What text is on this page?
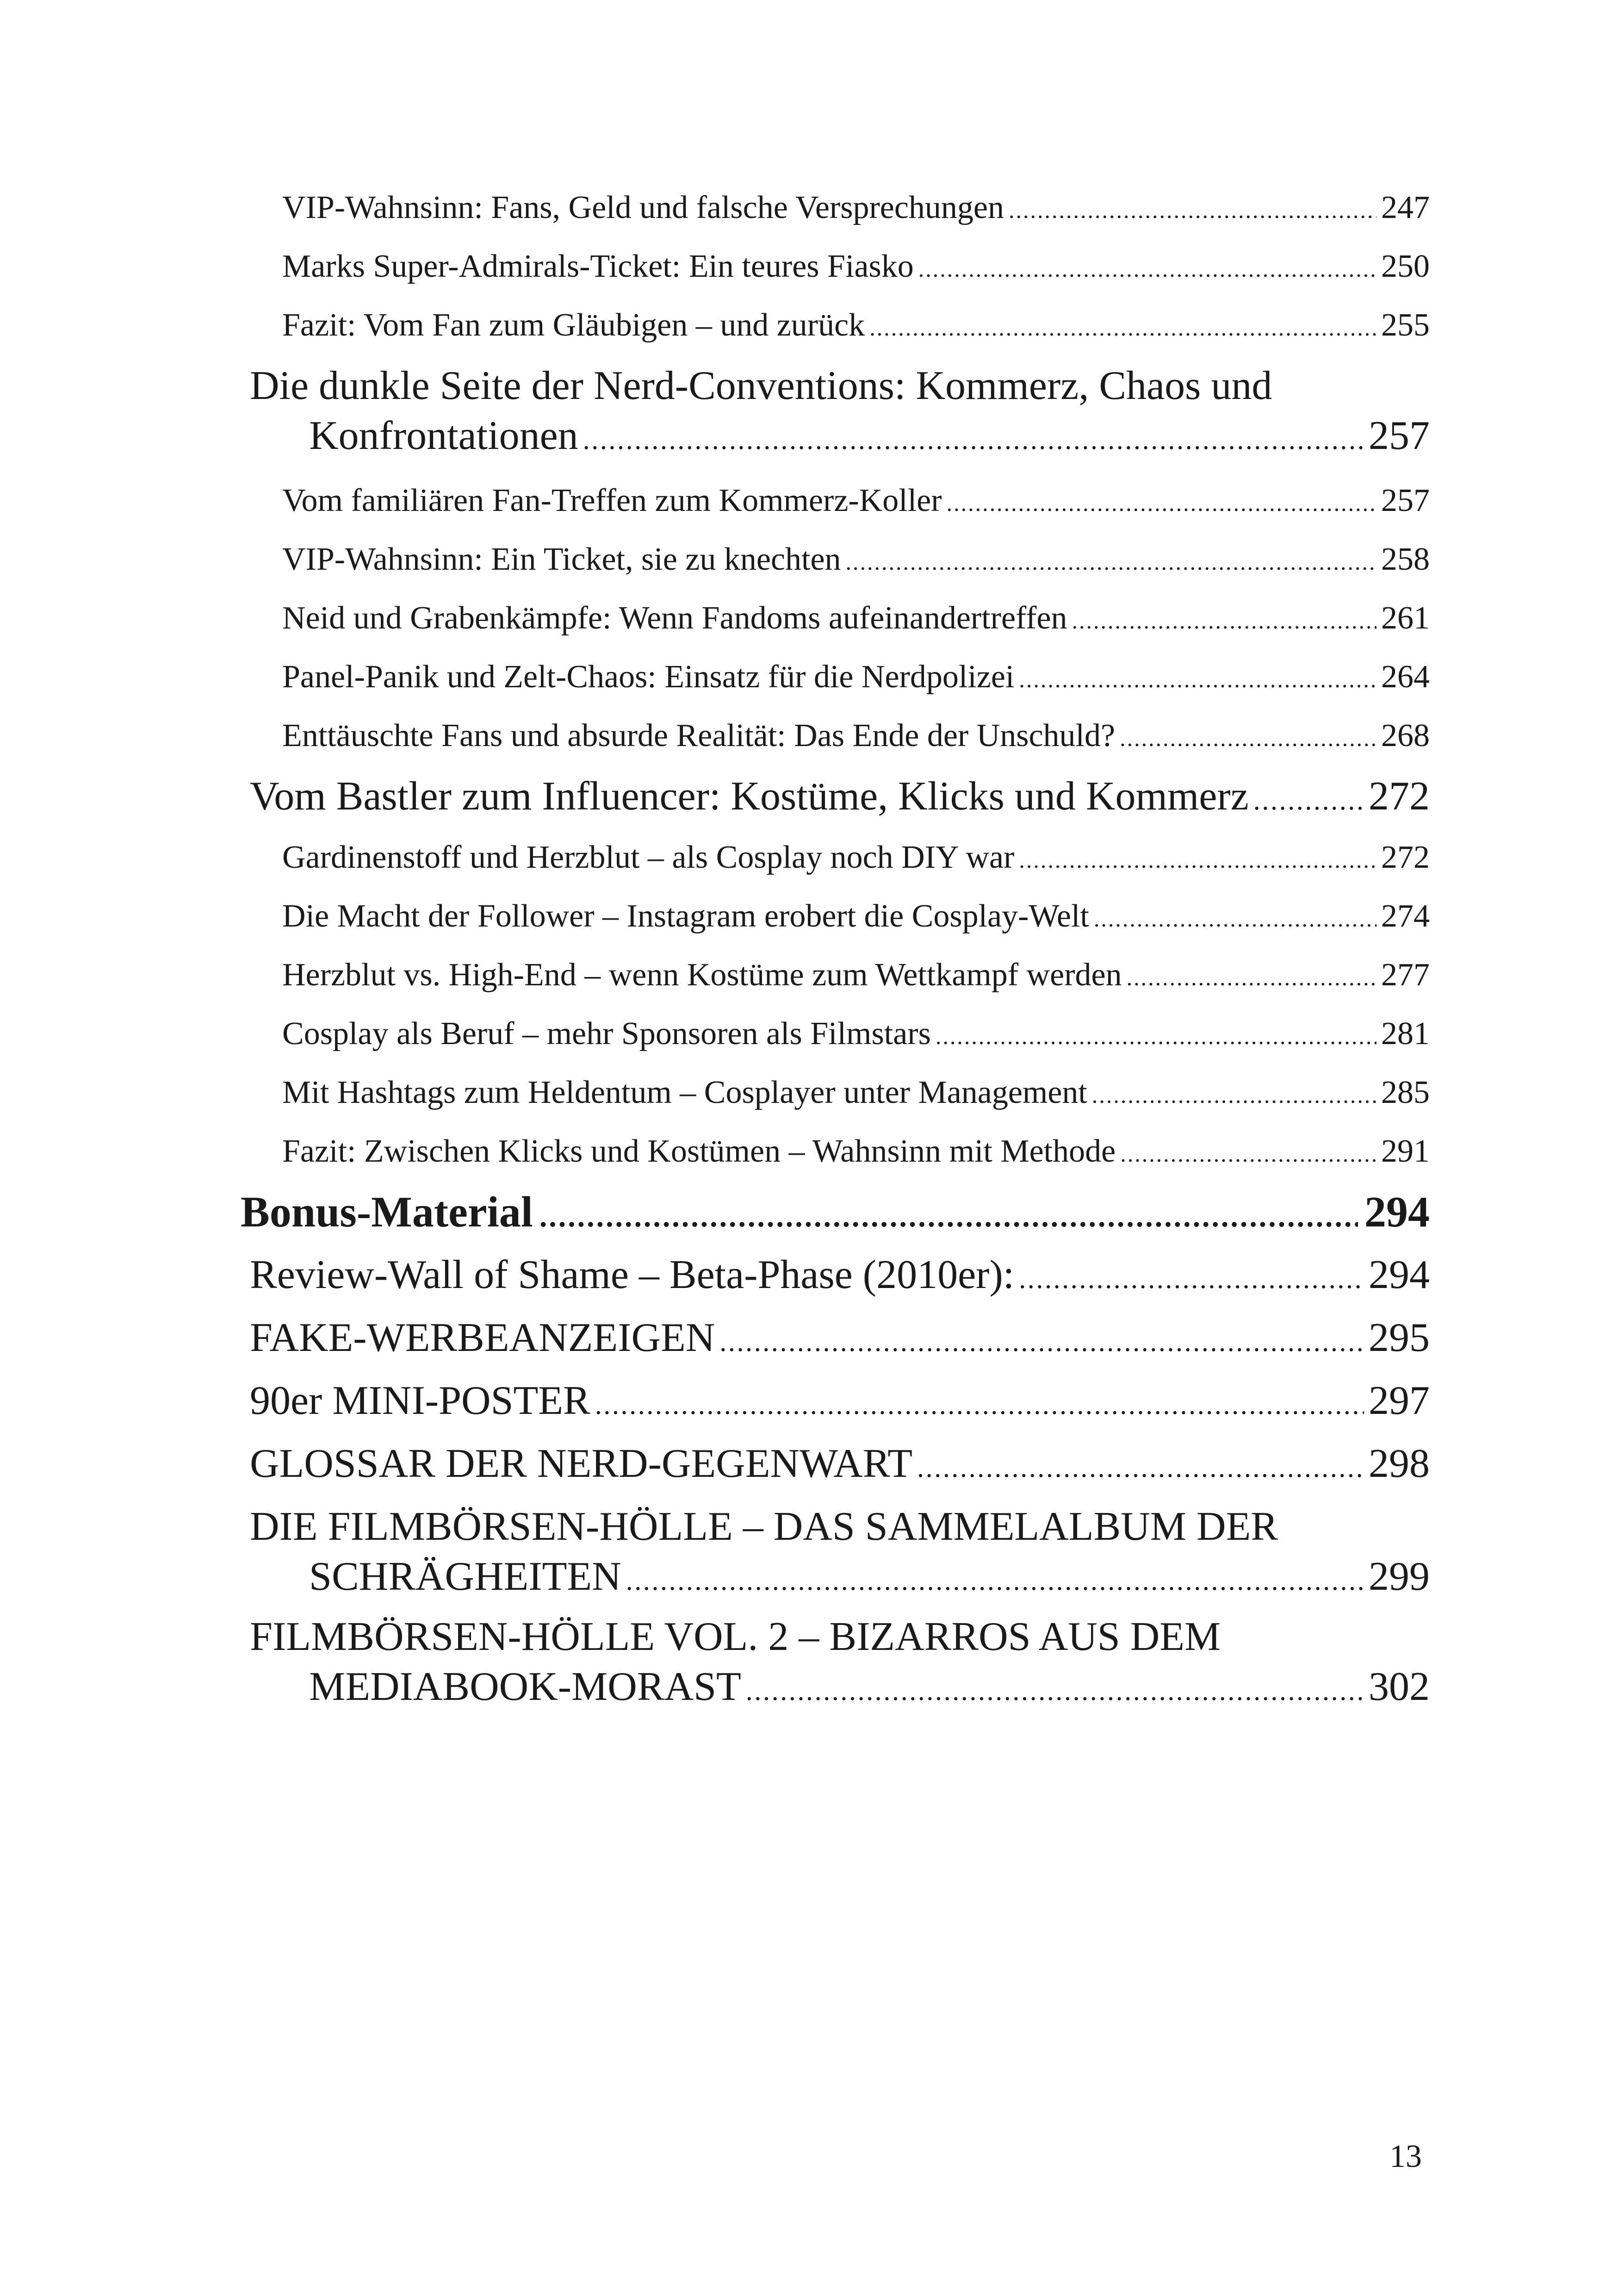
VIP-Wahnsinn: Fans, Geld und falsche Versprechungen .....	247
Marks Super-Admirals-Ticket: Ein teures Fiasko .....	250
Fazit: Vom Fan zum Gläubigen – und zurück .....	255
Die dunkle Seite der Nerd-Conventions: Kommerz, Chaos und
Konfrontationen .....	257
Vom familiären Fan-Treffen zum Kommerz-Koller .....	257
VIP-Wahnsinn: Ein Ticket, sie zu knechten .....	258
Neid und Grabenkämpfe: Wenn Fandoms aufeinandertreffen .....	261
Panel-Panik und Zelt-Chaos: Einsatz für die Nerdpolizei .....	264
Enttäuschte Fans und absurde Realität: Das Ende der Unschuld? .....	268
Vom Bastler zum Influencer: Kostüme, Klicks und Kommerz .....	272
Gardinenstoff und Herzblut – als Cosplay noch DIY war .....	272
Die Macht der Follower – Instagram erobert die Cosplay-Welt .....	274
Herzblut vs. High-End – wenn Kostüme zum Wettkampf werden .....	277
Cosplay als Beruf – mehr Sponsoren als Filmstars .....	281
Mit Hashtags zum Heldentum – Cosplayer unter Management .....	285
Fazit: Zwischen Klicks und Kostümen – Wahnsinn mit Methode .....	291
Bonus-Material .....	294
Review-Wall of Shame – Beta-Phase (2010er): .....	294
FAKE-WERBEANZEIGEN .....	295
90er MINI-POSTER .....	297
GLOSSAR DER NERD-GEGENWART .....	298
DIE FILMBÖRSEN-HÖLLE – DAS SAMMELALBUM DER
SCHRÄGHEITEN .....	299
FILMBÖRSEN-HÖLLE VOL. 2 – BIZARROS AUS DEM
MEDIABOOK-MORAST .....	302
13
